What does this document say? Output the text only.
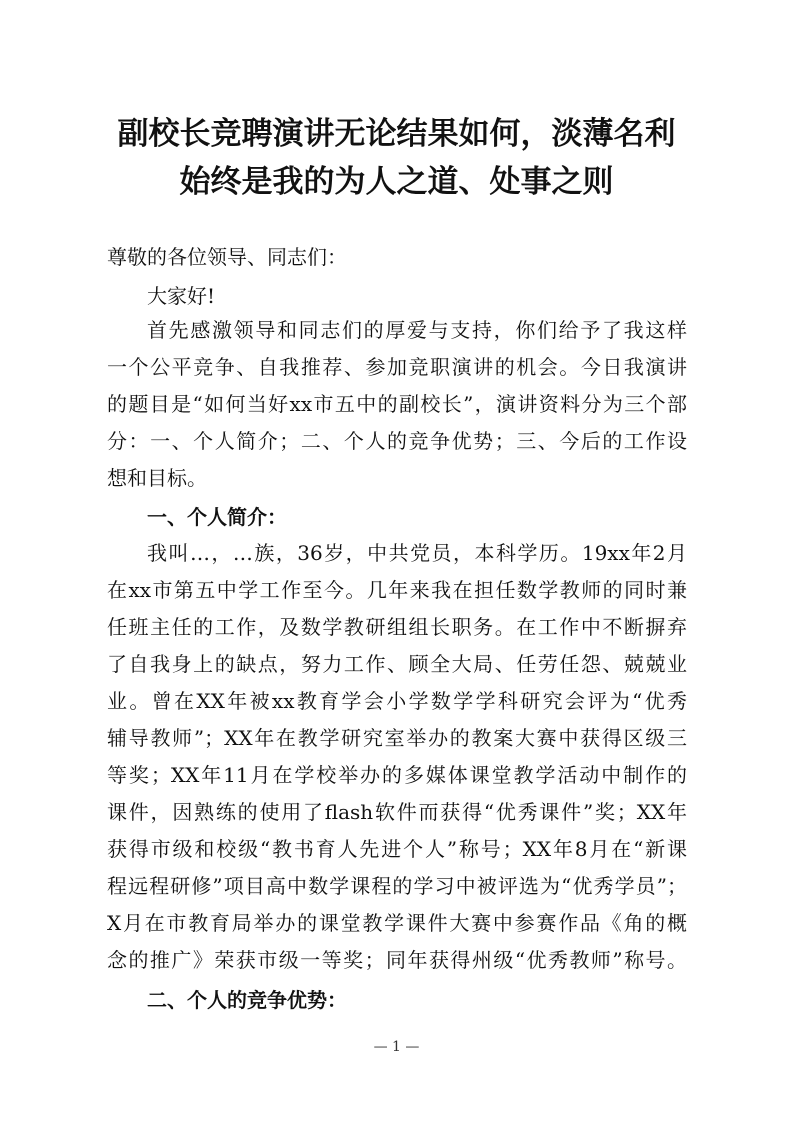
副校长竞聘演讲无论结果如何，淡薄名利
始终是我的为人之道、处事之则
尊敬的各位领导、同志们：
大家好!
首先感激领导和同志们的厚爱与支持，你们给予了我这样
一个公平竞争、自我推荐、参加竞职演讲的机会。今日我演讲
的题目是“如何当好xx市五中的副校长”，演讲资料分为三个部
分：一、个人简介；二、个人的竞争优势；三、今后的工作设
想和目标。
一、个人简介：
我叫…，…族，36岁，中共党员，本科学历。19xx年2月
在xx市第五中学工作至今。几年来我在担任数学教师的同时兼
任班主任的工作，及数学教研组组长职务。在工作中不断摒弃
了自我身上的缺点，努力工作、顾全大局、任劳任怨、兢兢业
业。曾在XX年被xx教育学会小学数学学科研究会评为“优秀
辅导教师”；XX年在教学研究室举办的教案大赛中获得区级三
等奖；XX年11月在学校举办的多媒体课堂教学活动中制作的
课件，因熟练的使用了flash软件而获得“优秀课件”奖；XX年
获得市级和校级“教书育人先进个人”称号；XX年8月在“新课
程远程研修”项目高中数学课程的学习中被评选为“优秀学员”；
X月在市教育局举办的课堂教学课件大赛中参赛作品《角的概
念的推广》荣获市级一等奖；同年获得州级“优秀教师”称号。
二、个人的竞争优势：
— 1 —
